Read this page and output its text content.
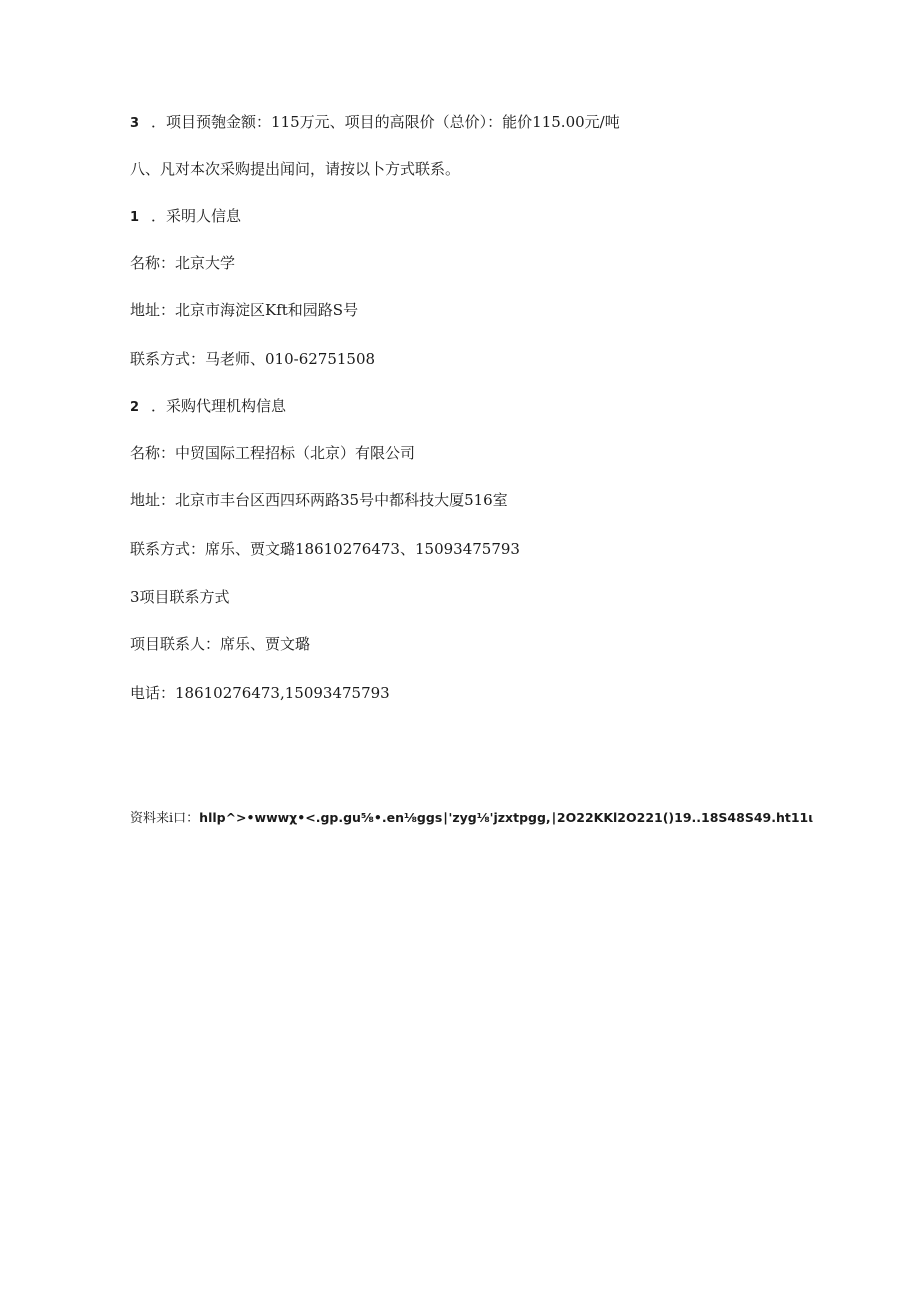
3 ．项目预匏金额：115万元、项目的高限价（总价）：能价115.00元/吨
八、凡对本次采购提出闻问，请按以卜方式联系。
1 ．采明人信息
名称：北京大学
地址：北京市海淀区Kft和园路S号
联系方式：马老师、010-62751508
2 ．采购代理机构信息
名称：中贸国际工程招标（北京）有限公司
地址：北京市丰台区西四环两路35号中都科技大厦516室
联系方式：席乐、贾文璐18610276473、15093475793
3项目联系方式
项目联系人：席乐、贾文璐
电话：18610276473,15093475793
资料来i口：hllp^>•wwwχ•<.gp.gu⅝•.en⅛ggs∣'zyg⅛'jzxtpgg,∣2O22KKl2O221()19..18S48S49.ht11ι
